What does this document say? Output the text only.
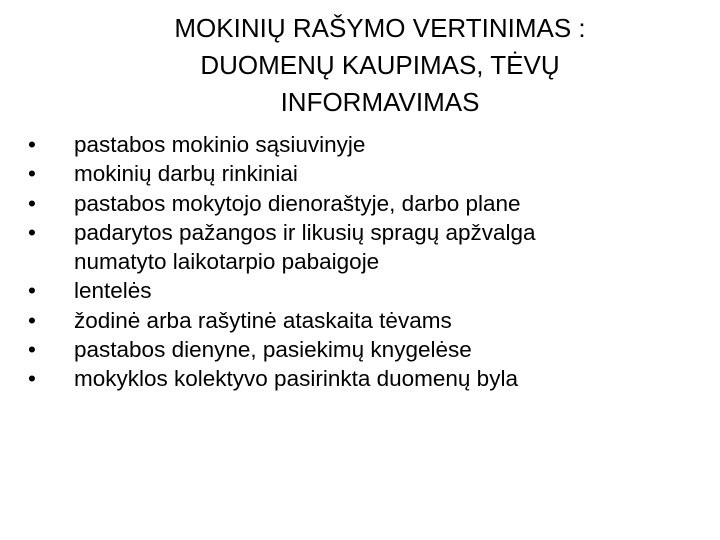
MOKINIŲ RAŠYMO VERTINIMAS :
DUOMENŲ KAUPIMAS, TĖVŲ
INFORMAVIMAS
• pastabos mokinio sąsiuvinyje
• mokinių darbų rinkiniai
• pastabos mokytojo dienoraštyje, darbo plane
• padarytos pažangos ir likusių spragų apžvalga
numatyto laikotarpio pabaigoje
• lentelės
• žodinė arba rašytinė ataskaita tėvams
• pastabos dienyne, pasiekimų knygelėse
• mokyklos kolektyvo pasirinkta duomenų byla
